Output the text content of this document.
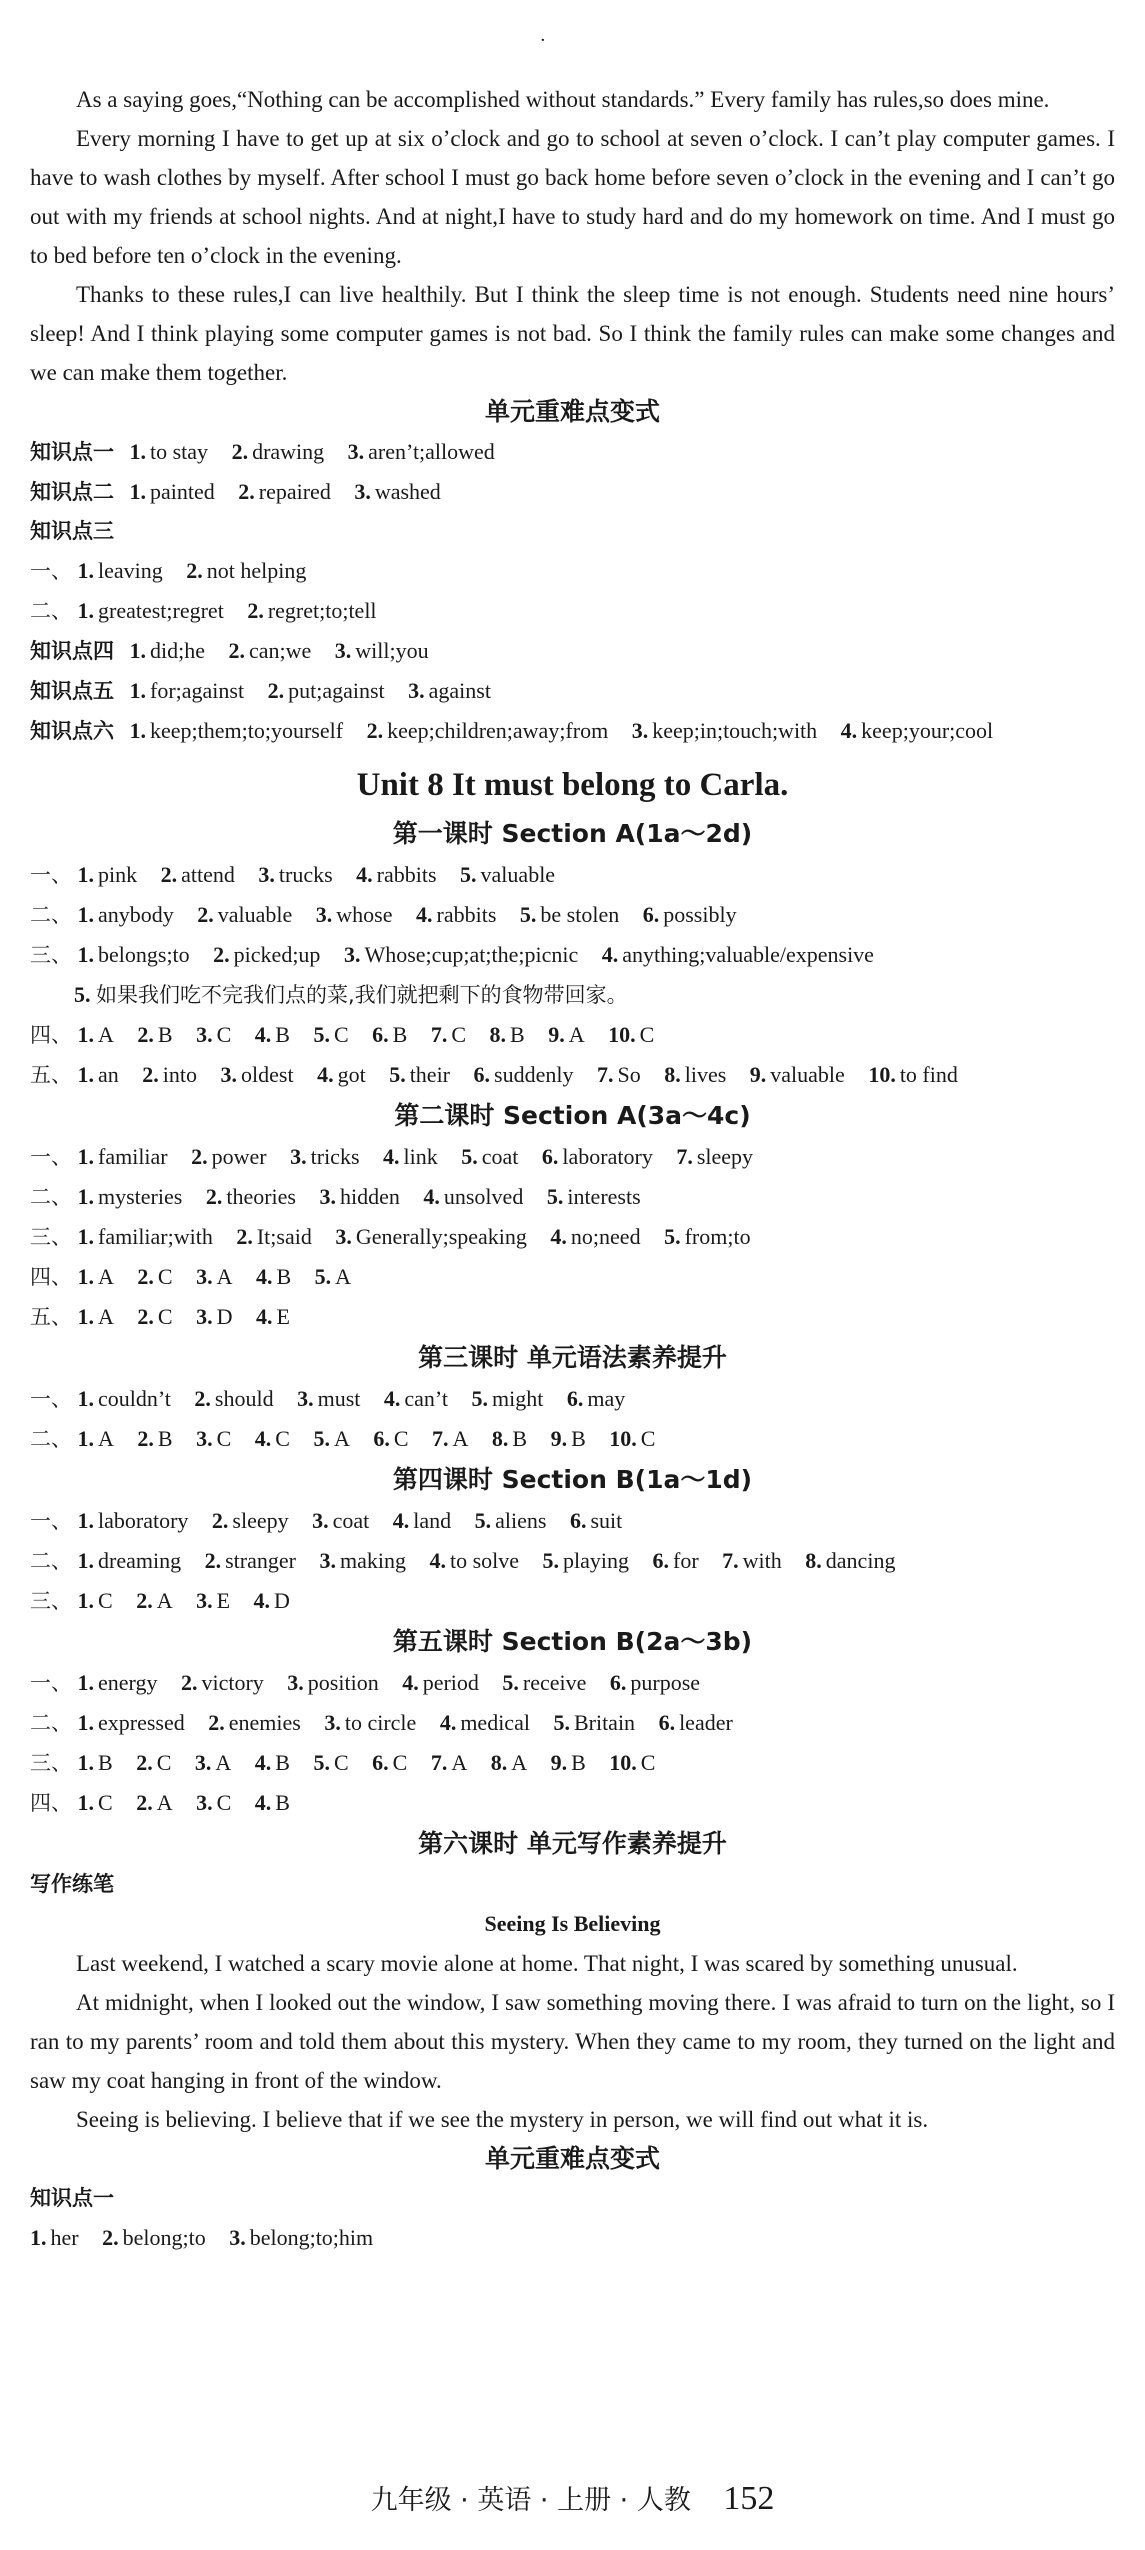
·

As a saying goes,“Nothing can be accomplished without standards.” Every family has rules,so does mine.

Every morning I have to get up at six o’clock and go to school at seven o’clock. I can’t play computer games. I have to wash clothes by myself. After school I must go back home before seven o’clock in the evening and I can’t go out with my friends at school nights. And at night,I have to study hard and do my homework on time. And I must go to bed before ten o’clock in the evening.

Thanks to these rules,I can live healthily. But I think the sleep time is not enough. Students need nine hours’ sleep! And I think playing some computer games is not bad. So I think the family rules can make some changes and we can make them together.

单元重难点变式
知识点一 1. to stay 2. drawing 3. aren’t;allowed
知识点二 1. painted 2. repaired 3. washed
知识点三
一、 1. leaving 2. not helping
二、 1. greatest;regret 2. regret;to;tell
知识点四 1. did;he 2. can;we 3. will;you
知识点五 1. for;against 2. put;against 3. against
知识点六 1. keep;them;to;yourself 2. keep;children;away;from 3. keep;in;touch;with 4. keep;your;cool
Unit 8 It must belong to Carla.
第一课时 Section A(1a～2d)
一、 1. pink 2. attend 3. trucks 4. rabbits 5. valuable
二、 1. anybody 2. valuable 3. whose 4. rabbits 5. be stolen 6. possibly
三、 1. belongs;to 2. picked;up 3. Whose;cup;at;the;picnic 4. anything;valuable/expensive
5. 如果我们吃不完我们点的菜,我们就把剩下的食物带回家。
四、 1. A 2. B 3. C 4. B 5. C 6. B 7. C 8. B 9. A 10. C
五、 1. an 2. into 3. oldest 4. got 5. their 6. suddenly 7. So 8. lives 9. valuable 10. to find
第二课时 Section A(3a～4c)
一、 1. familiar 2. power 3. tricks 4. link 5. coat 6. laboratory 7. sleepy
二、 1. mysteries 2. theories 3. hidden 4. unsolved 5. interests
三、 1. familiar;with 2. It;said 3. Generally;speaking 4. no;need 5. from;to
四、 1. A 2. C 3. A 4. B 5. A
五、 1. A 2. C 3. D 4. E
第三课时 单元语法素养提升
一、 1. couldn’t 2. should 3. must 4. can’t 5. might 6. may
二、 1. A 2. B 3. C 4. C 5. A 6. C 7. A 8. B 9. B 10. C
第四课时 Section B(1a～1d)
一、 1. laboratory 2. sleepy 3. coat 4. land 5. aliens 6. suit
二、 1. dreaming 2. stranger 3. making 4. to solve 5. playing 6. for 7. with 8. dancing
三、 1. C 2. A 3. E 4. D
第五课时 Section B(2a～3b)
一、 1. energy 2. victory 3. position 4. period 5. receive 6. purpose
二、 1. expressed 2. enemies 3. to circle 4. medical 5. Britain 6. leader
三、 1. B 2. C 3. A 4. B 5. C 6. C 7. A 8. A 9. B 10. C
四、 1. C 2. A 3. C 4. B
第六课时 单元写作素养提升
写作练笔
Seeing Is Believing

Last weekend, I watched a scary movie alone at home. That night, I was scared by something unusual.

At midnight, when I looked out the window, I saw something moving there. I was afraid to turn on the light, so I ran to my parents’ room and told them about this mystery. When they came to my room, they turned on the light and saw my coat hanging in front of the window.

Seeing is believing. I believe that if we see the mystery in person, we will find out what it is.

单元重难点变式
知识点一
1. her 2. belong;to 3. belong;to;him
九年级 · 英语 · 上册 · 人教 152
